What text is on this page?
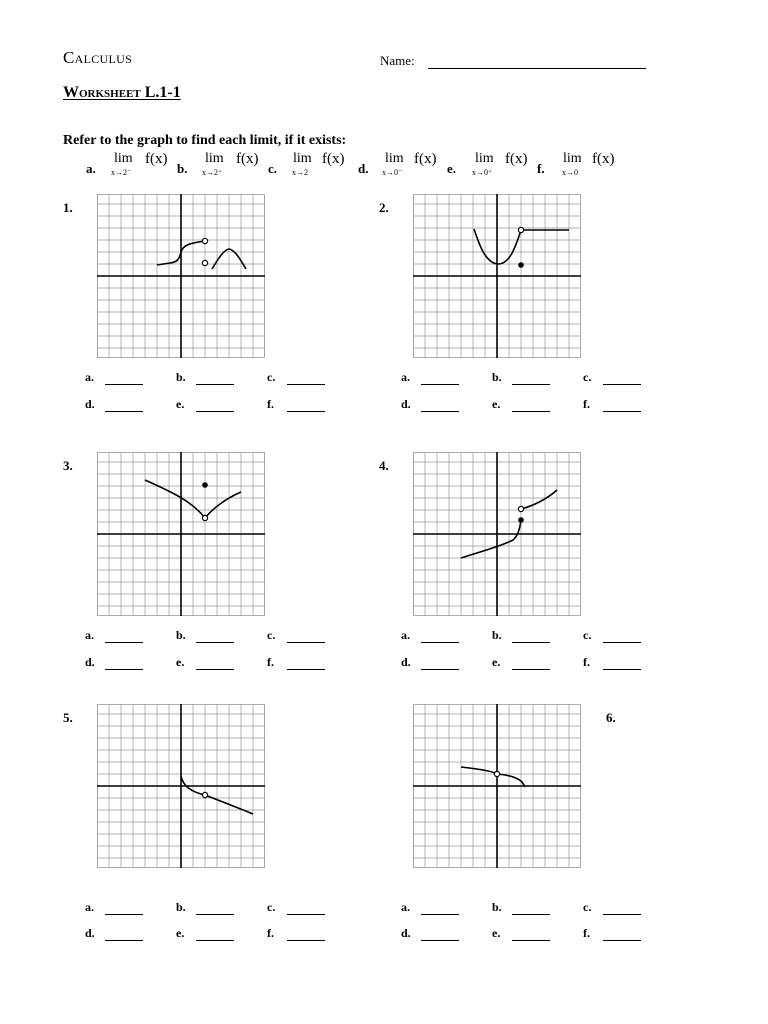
Calculus	Name:
Worksheet L.1-1
Refer to the graph to find each limit, if it exists:
a.
lim
x→2⁻
f(x)
b.
lim
x→2⁺
f(x)
c.
lim
x→2
f(x)
d.
lim
x→0⁻
f(x)
e.
lim
x→0⁺
f(x)
f.
lim
x→0
f(x)
1.
a.	b.	c.
d.	e.	f.
2.
a.	b.	c.
d.	e.	f.
3.
a.	b.	c.
d.	e.	f.
4.
a.	b.	c.
d.	e.	f.
5.
a.	b.	c.
d.	e.	f.
a.	b.	c.
d.	e.	f.
6.
